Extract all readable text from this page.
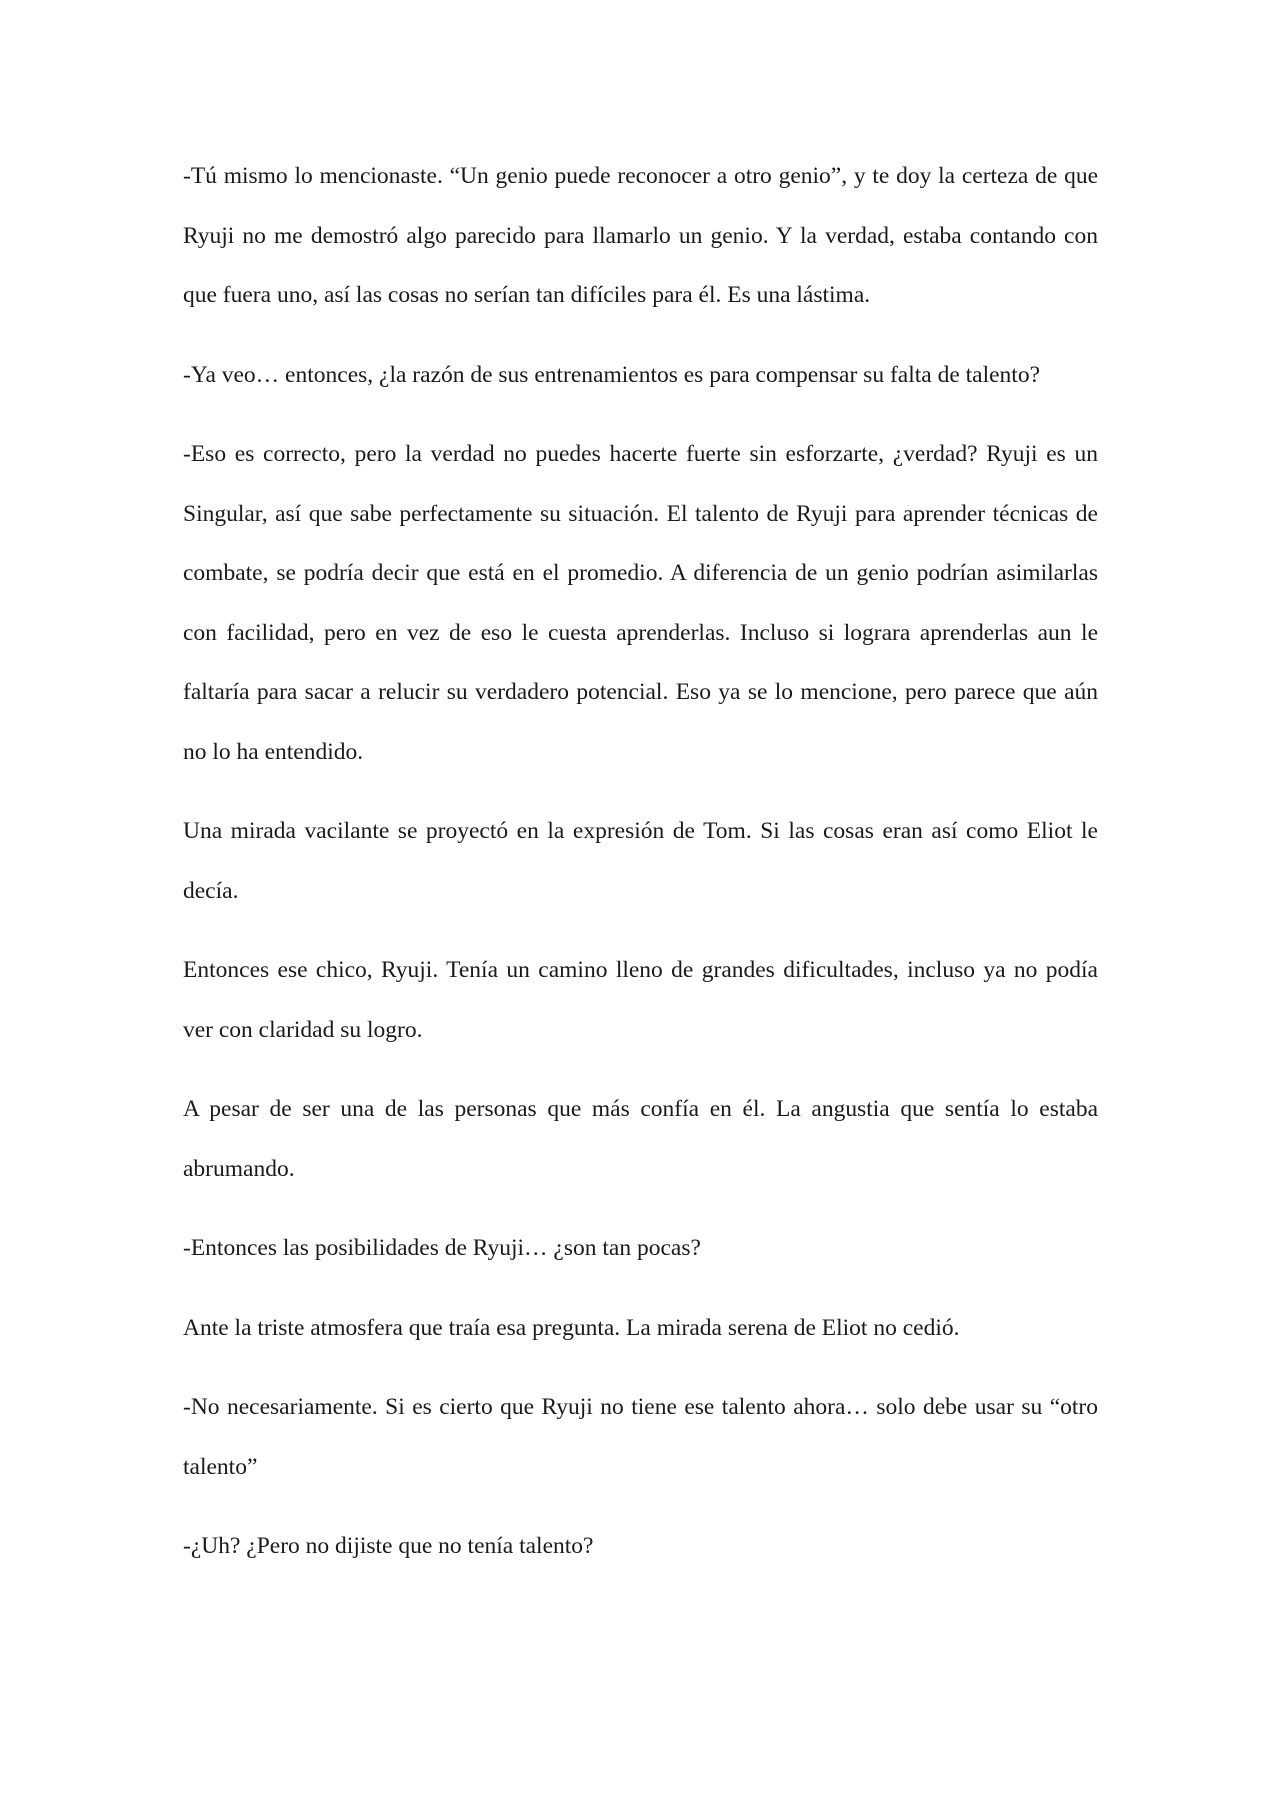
-Tú mismo lo mencionaste. “Un genio puede reconocer a otro genio”, y te doy la certeza de que Ryuji no me demostró algo parecido para llamarlo un genio. Y la verdad, estaba contando con que fuera uno, así las cosas no serían tan difíciles para él. Es una lástima.

-Ya veo… entonces, ¿la razón de sus entrenamientos es para compensar su falta de talento?

-Eso es correcto, pero la verdad no puedes hacerte fuerte sin esforzarte, ¿verdad? Ryuji es un Singular, así que sabe perfectamente su situación. El talento de Ryuji para aprender técnicas de combate, se podría decir que está en el promedio. A diferencia de un genio podrían asimilarlas con facilidad, pero en vez de eso le cuesta aprenderlas. Incluso si lograra aprenderlas aun le faltaría para sacar a relucir su verdadero potencial. Eso ya se lo mencione, pero parece que aún no lo ha entendido.

Una mirada vacilante se proyectó en la expresión de Tom. Si las cosas eran así como Eliot le decía.

Entonces ese chico, Ryuji. Tenía un camino lleno de grandes dificultades, incluso ya no podía ver con claridad su logro.

A pesar de ser una de las personas que más confía en él. La angustia que sentía lo estaba abrumando.

-Entonces las posibilidades de Ryuji… ¿son tan pocas?

Ante la triste atmosfera que traía esa pregunta. La mirada serena de Eliot no cedió.

-No necesariamente. Si es cierto que Ryuji no tiene ese talento ahora… solo debe usar su “otro talento”

-¿Uh? ¿Pero no dijiste que no tenía talento?
